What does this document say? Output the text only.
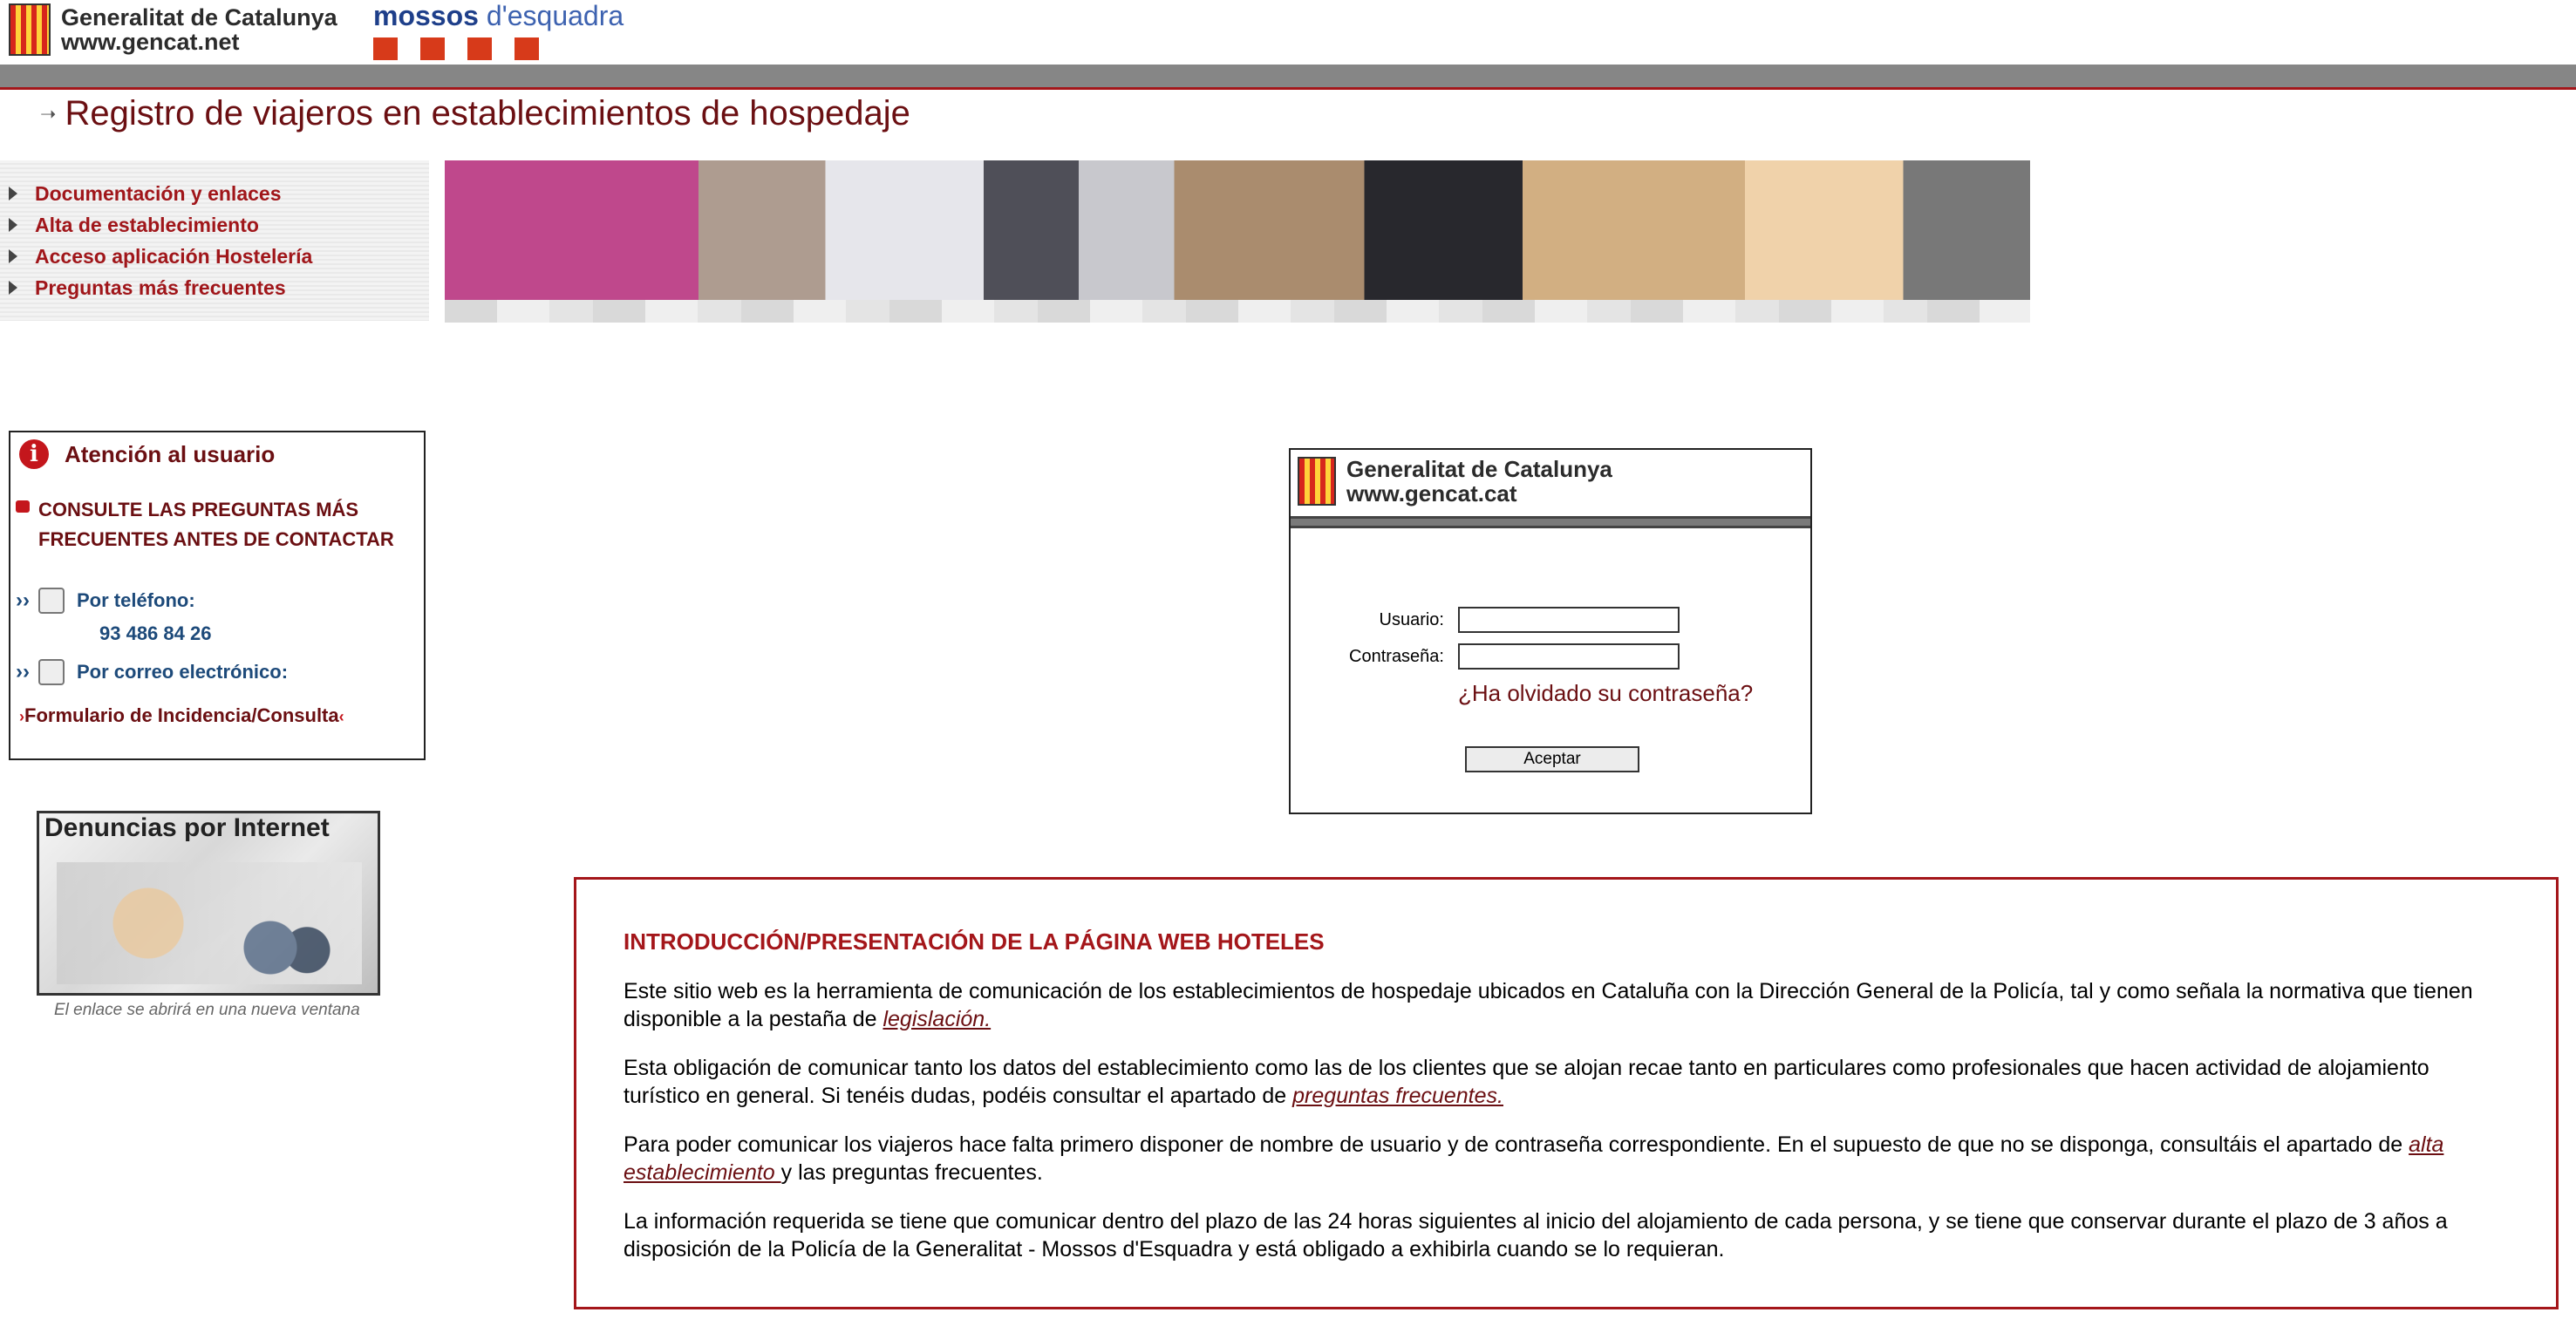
Generalitat de Catalunya
www.gencat.net
mossos d'esquadra
➝ Registro de viajeros en establecimientos de hospedaje
Documentación y enlaces
Alta de establecimiento
Acceso aplicación Hostelería
Preguntas más frecuentes
i	Atención al usuario
CONSULTE LAS PREGUNTAS MÁS FRECUENTES ANTES DE CONTACTAR
›› Por teléfono:
93 486 84 26
›› Por correo electrónico:
›Formulario de Incidencia/Consulta‹
Denuncias por Internet
El enlace se abrirá en una nueva ventana
Generalitat de Catalunya
www.gencat.cat
Usuario:
Contraseña:
¿Ha olvidado su contraseña?
Aceptar
INTRODUCCIÓN/PRESENTACIÓN DE LA PÁGINA WEB HOTELES

Este sitio web es la herramienta de comunicación de los establecimientos de hospedaje ubicados en Cataluña con la Dirección General de la Policía, tal y como señala la normativa que tienen disponible a la pestaña de legislación.

Esta obligación de comunicar tanto los datos del establecimiento como las de los clientes que se alojan recae tanto en particulares como profesionales que hacen actividad de alojamiento turístico en general. Si tenéis dudas, podéis consultar el apartado de preguntas frecuentes.

Para poder comunicar los viajeros hace falta primero disponer de nombre de usuario y de contraseña correspondiente. En el supuesto de que no se disponga, consultáis el apartado de alta establecimiento y las preguntas frecuentes.

La información requerida se tiene que comunicar dentro del plazo de las 24 horas siguientes al inicio del alojamiento de cada persona, y se tiene que conservar durante el plazo de 3 años a disposición de la Policía de la Generalitat - Mossos d'Esquadra y está obligado a exhibirla cuando se lo requieran.
